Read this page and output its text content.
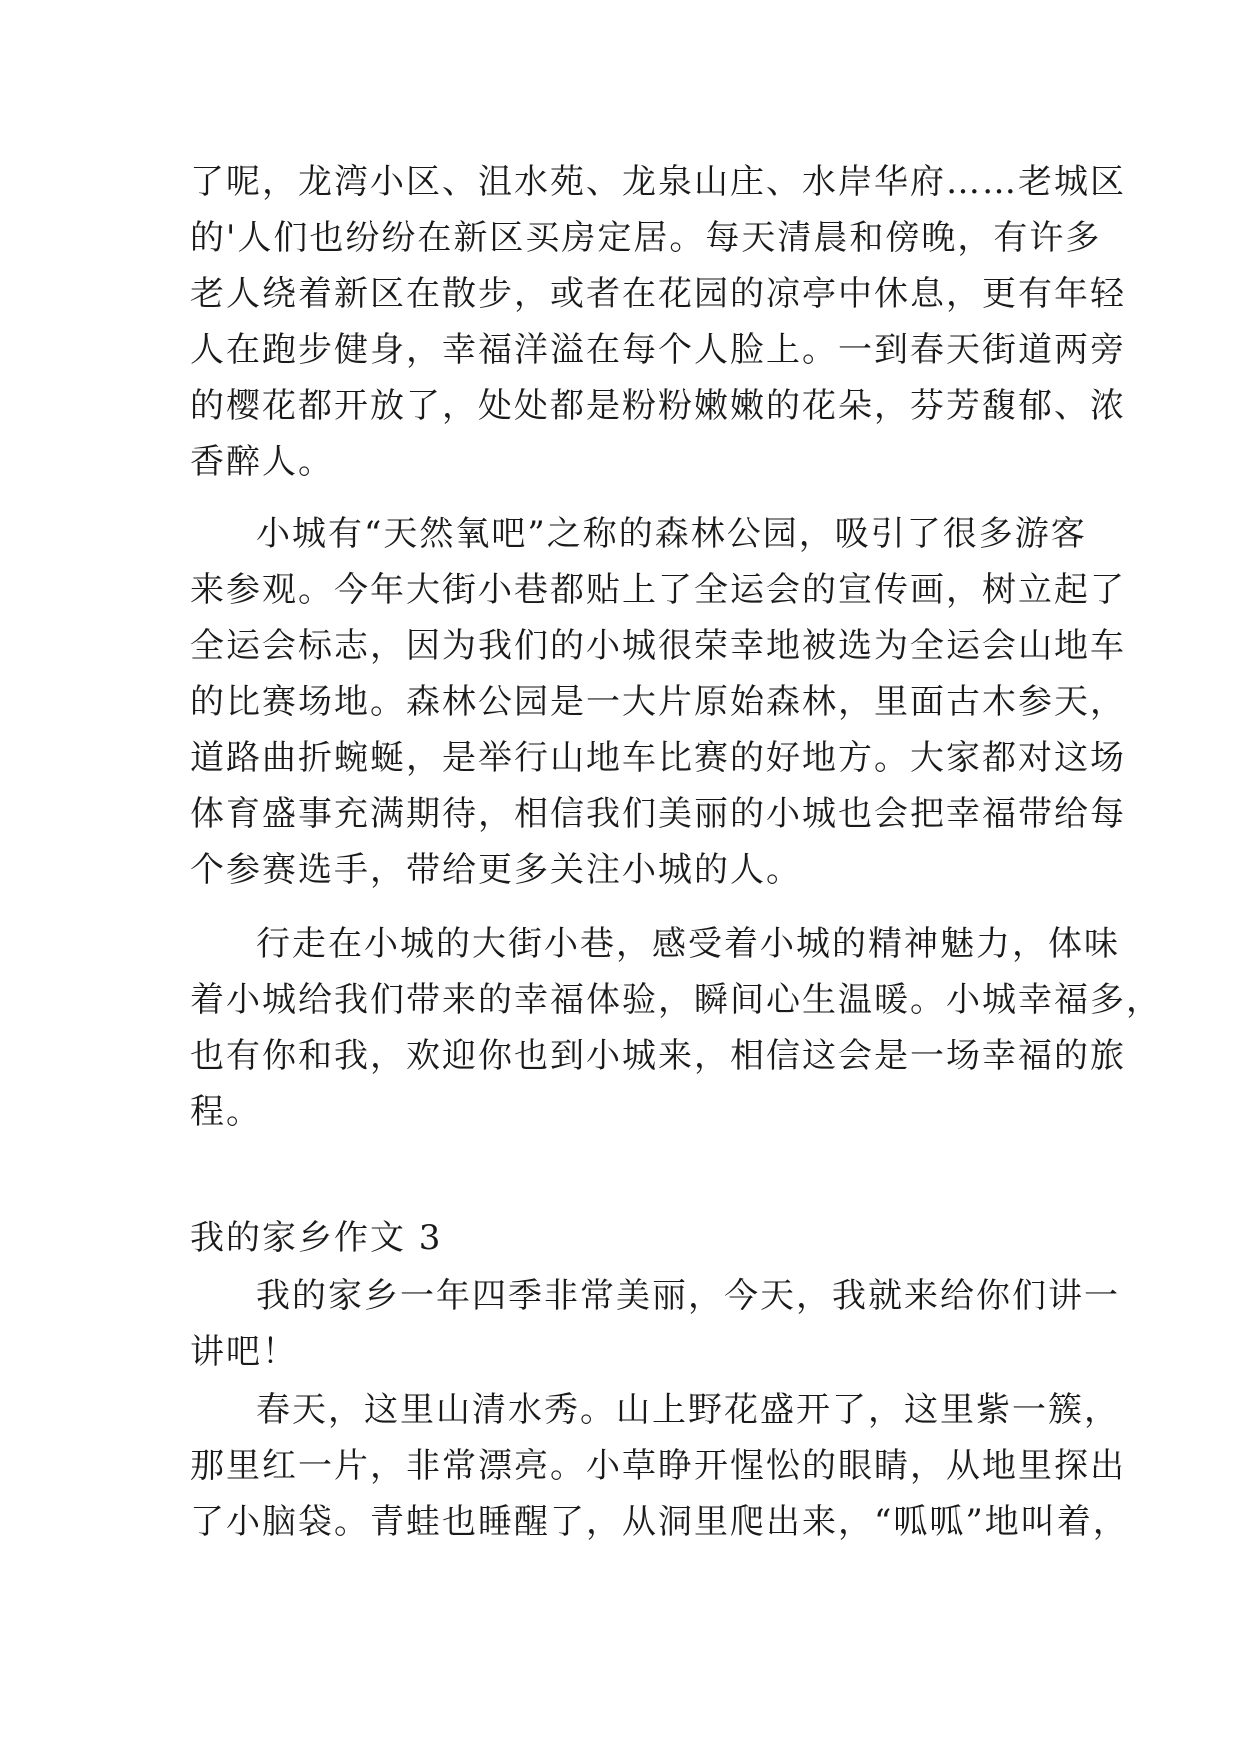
了呢，龙湾小区、沮水苑、龙泉山庄、水岸华府……老城区
的'人们也纷纷在新区买房定居。每天清晨和傍晚，有许多
老人绕着新区在散步，或者在花园的凉亭中休息，更有年轻
人在跑步健身，幸福洋溢在每个人脸上。一到春天街道两旁
的樱花都开放了，处处都是粉粉嫩嫩的花朵，芬芳馥郁、浓
香醉人。
小城有“天然氧吧”之称的森林公园，吸引了很多游客
来参观。今年大街小巷都贴上了全运会的宣传画，树立起了
全运会标志，因为我们的小城很荣幸地被选为全运会山地车
的比赛场地。森林公园是一大片原始森林，里面古木参天，
道路曲折蜿蜒，是举行山地车比赛的好地方。大家都对这场
体育盛事充满期待，相信我们美丽的小城也会把幸福带给每
个参赛选手，带给更多关注小城的人。
行走在小城的大街小巷，感受着小城的精神魅力，体味
着小城给我们带来的幸福体验，瞬间心生温暖。小城幸福多，
也有你和我，欢迎你也到小城来，相信这会是一场幸福的旅
程。
我的家乡作文 3
我的家乡一年四季非常美丽，今天，我就来给你们讲一
讲吧！
春天，这里山清水秀。山上野花盛开了，这里紫一簇，
那里红一片，非常漂亮。小草睁开惺忪的眼睛，从地里探出
了小脑袋。青蛙也睡醒了，从洞里爬出来，“呱呱”地叫着，
